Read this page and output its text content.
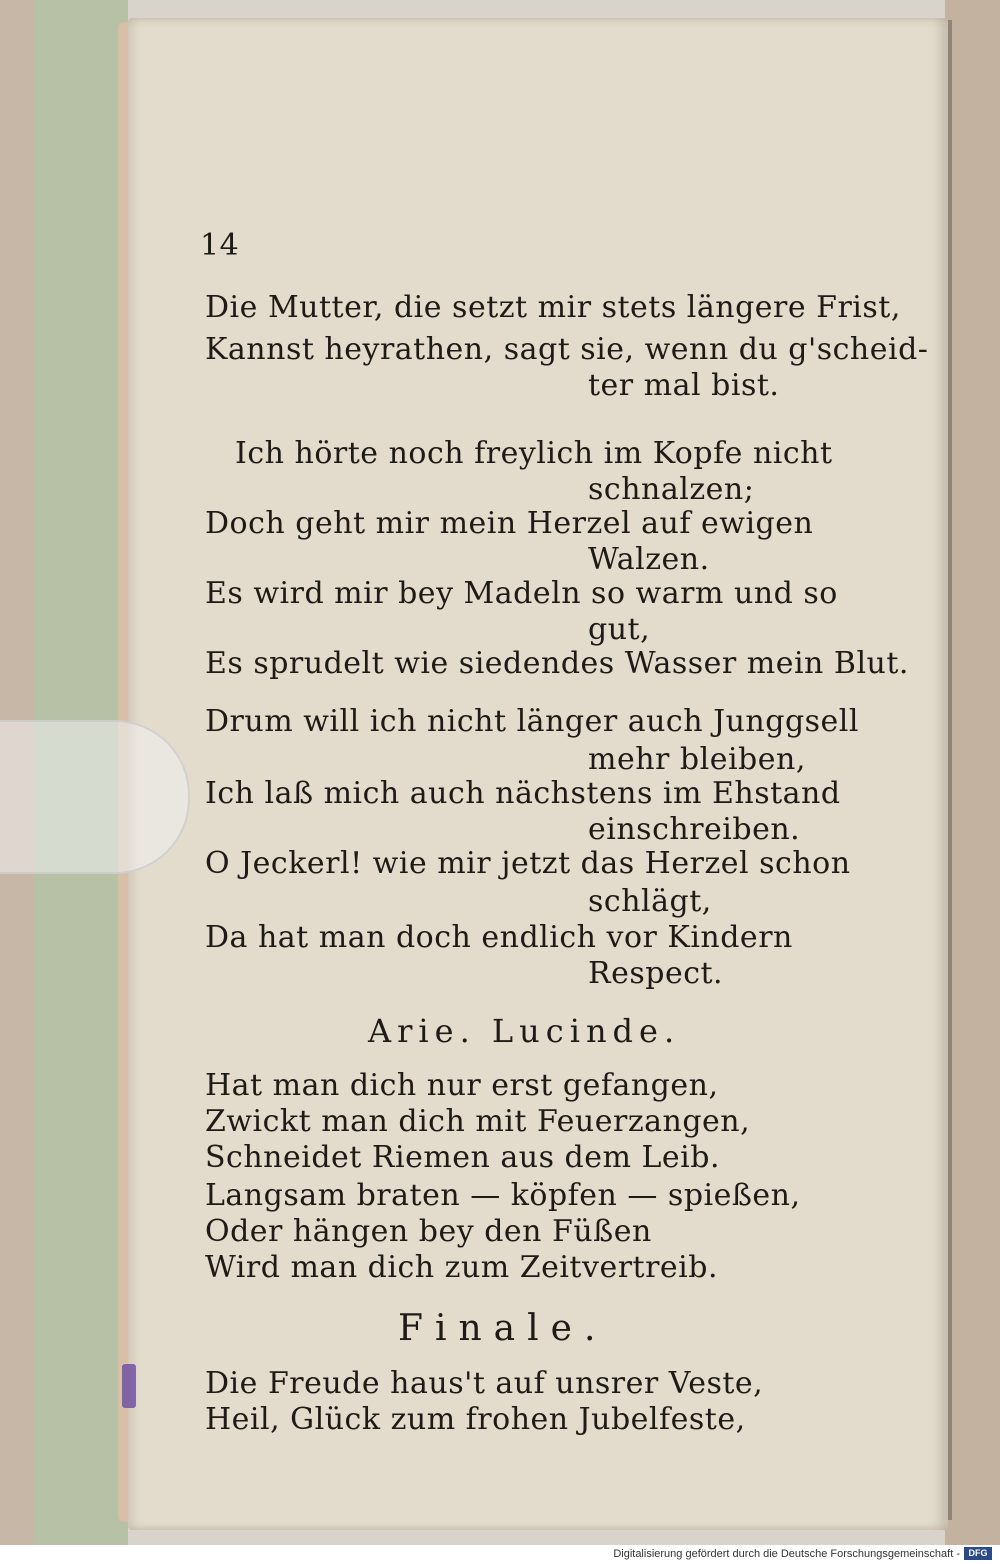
14
Die Mutter, die setzt mir stets längere Frist,
Kannst heyrathen, sagt sie, wenn du g'scheid-
ter mal bist.
Ich hörte noch freylich im Kopfe nicht
schnalzen;
Doch geht mir mein Herzel auf ewigen
Walzen.
Es wird mir bey Madeln so warm und so
gut,
Es sprudelt wie siedendes Wasser mein Blut.
Drum will ich nicht länger auch Junggsell
mehr bleiben,
Ich laß mich auch nächstens im Ehstand
einschreiben.
O Jeckerl! wie mir jetzt das Herzel schon
schlägt,
Da hat man doch endlich vor Kindern
Respect.
Arie. Lucinde.
Hat man dich nur erst gefangen,
Zwickt man dich mit Feuerzangen,
Schneidet Riemen aus dem Leib.
Langsam braten — köpfen — spießen,
Oder hängen bey den Füßen
Wird man dich zum Zeitvertreib.
Finale.
Die Freude haus't auf unsrer Veste,
Heil, Glück zum frohen Jubelfeste,
Digitalisierung gefördert durch die Deutsche Forschungsgemeinschaft - DFG
